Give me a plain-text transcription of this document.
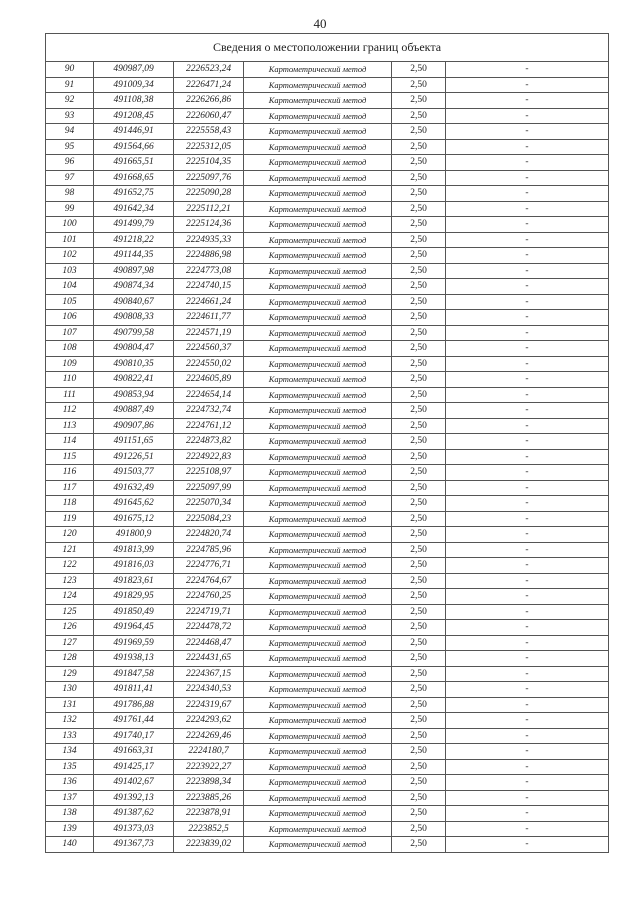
40
Сведения о местоположении границ объекта					
90	490987,09	2226523,24	Картометрический метод	2,50	-
91	491009,34	2226471,24	Картометрический метод	2,50	-
92	491108,38	2226266,86	Картометрический метод	2,50	-
93	491208,45	2226060,47	Картометрический метод	2,50	-
94	491446,91	2225558,43	Картометрический метод	2,50	-
95	491564,66	2225312,05	Картометрический метод	2,50	-
96	491665,51	2225104,35	Картометрический метод	2,50	-
97	491668,65	2225097,76	Картометрический метод	2,50	-
98	491652,75	2225090,28	Картометрический метод	2,50	-
99	491642,34	2225112,21	Картометрический метод	2,50	-
100	491499,79	2225124,36	Картометрический метод	2,50	-
101	491218,22	2224935,33	Картометрический метод	2,50	-
102	491144,35	2224886,98	Картометрический метод	2,50	-
103	490897,98	2224773,08	Картометрический метод	2,50	-
104	490874,34	2224740,15	Картометрический метод	2,50	-
105	490840,67	2224661,24	Картометрический метод	2,50	-
106	490808,33	2224611,77	Картометрический метод	2,50	-
107	490799,58	2224571,19	Картометрический метод	2,50	-
108	490804,47	2224560,37	Картометрический метод	2,50	-
109	490810,35	2224550,02	Картометрический метод	2,50	-
110	490822,41	2224605,89	Картометрический метод	2,50	-
111	490853,94	2224654,14	Картометрический метод	2,50	-
112	490887,49	2224732,74	Картометрический метод	2,50	-
113	490907,86	2224761,12	Картометрический метод	2,50	-
114	491151,65	2224873,82	Картометрический метод	2,50	-
115	491226,51	2224922,83	Картометрический метод	2,50	-
116	491503,77	2225108,97	Картометрический метод	2,50	-
117	491632,49	2225097,99	Картометрический метод	2,50	-
118	491645,62	2225070,34	Картометрический метод	2,50	-
119	491675,12	2225084,23	Картометрический метод	2,50	-
120	491800,9	2224820,74	Картометрический метод	2,50	-
121	491813,99	2224785,96	Картометрический метод	2,50	-
122	491816,03	2224776,71	Картометрический метод	2,50	-
123	491823,61	2224764,67	Картометрический метод	2,50	-
124	491829,95	2224760,25	Картометрический метод	2,50	-
125	491850,49	2224719,71	Картометрический метод	2,50	-
126	491964,45	2224478,72	Картометрический метод	2,50	-
127	491969,59	2224468,47	Картометрический метод	2,50	-
128	491938,13	2224431,65	Картометрический метод	2,50	-
129	491847,58	2224367,15	Картометрический метод	2,50	-
130	491811,41	2224340,53	Картометрический метод	2,50	-
131	491786,88	2224319,67	Картометрический метод	2,50	-
132	491761,44	2224293,62	Картометрический метод	2,50	-
133	491740,17	2224269,46	Картометрический метод	2,50	-
134	491663,31	2224180,7	Картометрический метод	2,50	-
135	491425,17	2223922,27	Картометрический метод	2,50	-
136	491402,67	2223898,34	Картометрический метод	2,50	-
137	491392,13	2223885,26	Картометрический метод	2,50	-
138	491387,62	2223878,91	Картометрический метод	2,50	-
139	491373,03	2223852,5	Картометрический метод	2,50	-
140	491367,73	2223839,02	Картометрический метод	2,50	-
